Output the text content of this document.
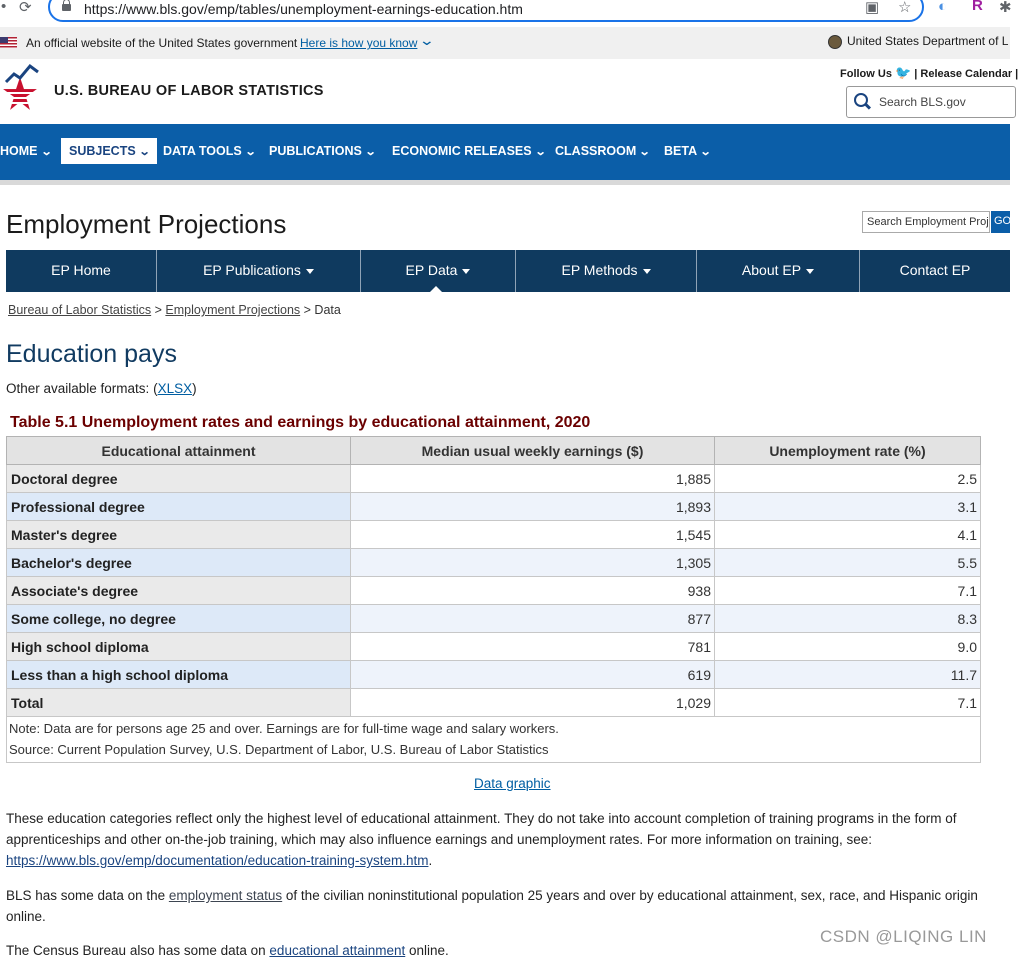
• ⟳	https://www.bls.gov/emp/tables/unemployment-earnings-education.htm	▣ ☆ ◐ R ✱
An official website of the United States government Here is how you know ⌄	United States Department of L
U.S. BUREAU OF LABOR STATISTICS
Follow Us 🐦 | Release Calendar |
Search BLS.gov
HOME ⌄	SUBJECTS ⌄	DATA TOOLS ⌄ PUBLICATIONS ⌄ ECONOMIC RELEASES ⌄ CLASSROOM ⌄ BETA ⌄
Employment Projections	Search Employment Proj GO
EP Home	EP Publications	EP Data	EP Methods	About EP	Contact EP
Bureau of Labor Statistics > Employment Projections > Data
Education pays
Other available formats: (XLSX)
Table 5.1 Unemployment rates and earnings by educational attainment, 2020
Educational attainment	Median usual weekly earnings ($)	Unemployment rate (%)
Doctoral degree	1,885	2.5
Professional degree	1,893	3.1
Master's degree	1,545	4.1
Bachelor's degree	1,305	5.5
Associate's degree	938	7.1
Some college, no degree	877	8.3
High school diploma	781	9.0
Less than a high school diploma	619	11.7
Total	1,029	7.1

Note: Data are for persons age 25 and over. Earnings are for full-time wage and salary workers.
Source: Current Population Survey, U.S. Department of Labor, U.S. Bureau of Labor Statistics		
Data graphic
These education categories reflect only the highest level of educational attainment. They do not take into account completion of training programs in the form of apprenticeships and other on-the-job training, which may also influence earnings and unemployment rates. For more information on training, see: https://www.bls.gov/emp/documentation/education-training-system.htm.
BLS has some data on the employment status of the civilian noninstitutional population 25 years and over by educational attainment, sex, race, and Hispanic origin online.
The Census Bureau also has some data on educational attainment online.
CSDN @LIQING LIN
